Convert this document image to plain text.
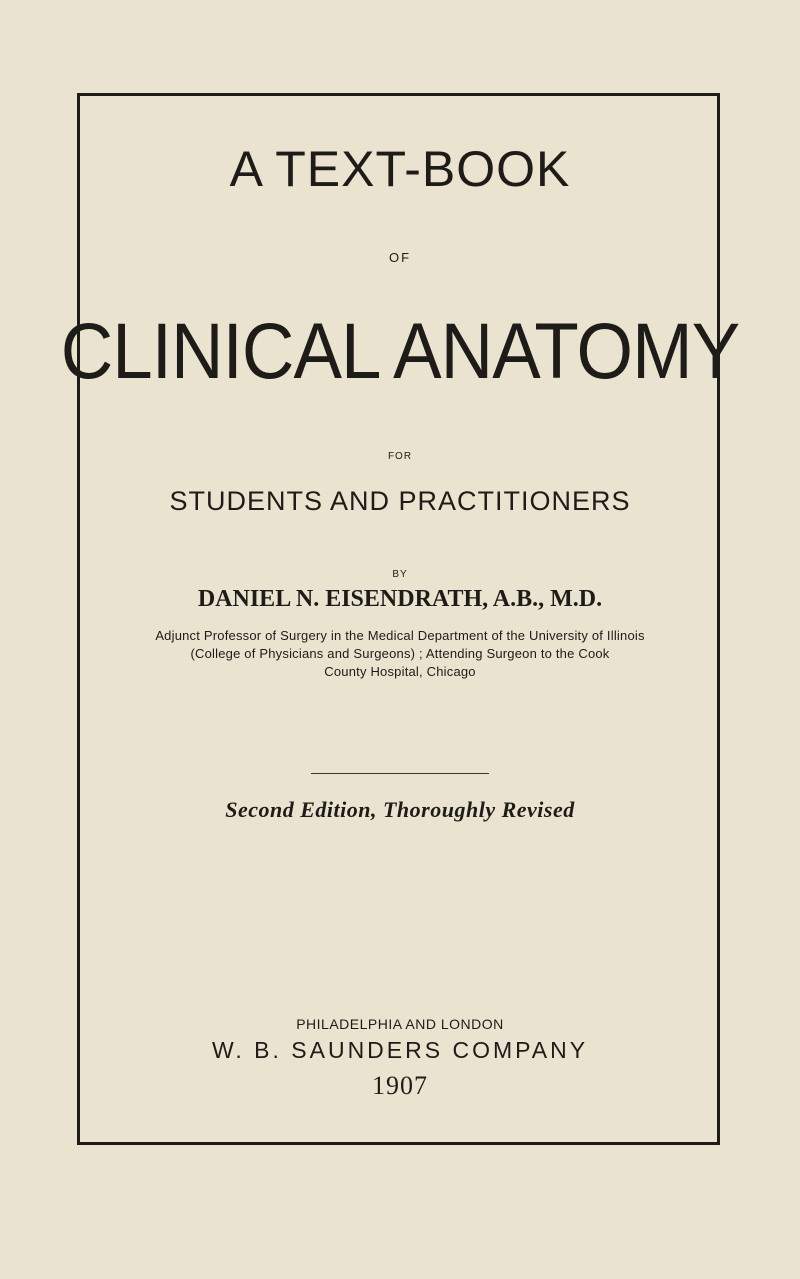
A TEXT-BOOK
OF
CLINICAL ANATOMY
FOR
STUDENTS AND PRACTITIONERS
BY
DANIEL N. EISENDRATH, A.B., M.D.
Adjunct Professor of Surgery in the Medical Department of the University of Illinois
(College of Physicians and Surgeons) ; Attending Surgeon to the Cook
County Hospital, Chicago
Second Edition, Thoroughly Revised
PHILADELPHIA AND LONDON
W. B. SAUNDERS COMPANY
1907
